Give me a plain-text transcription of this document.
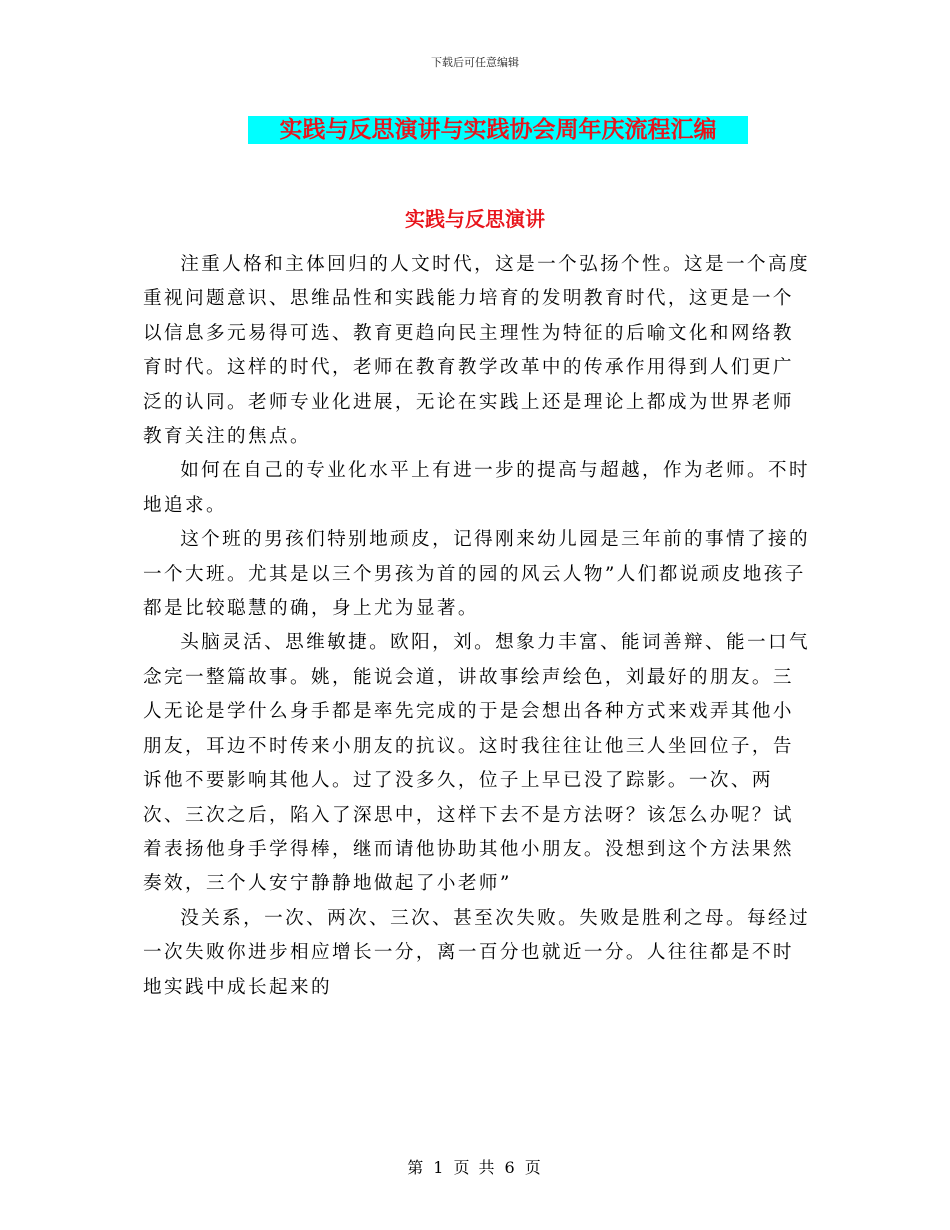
下载后可任意编辑
实践与反思演讲与实践协会周年庆流程汇编
实践与反思演讲

注重人格和主体回归的人文时代，这是一个弘扬个性。这是一个高度重视问题意识、思维品性和实践能力培育的发明教育时代，这更是一个以信息多元易得可选、教育更趋向民主理性为特征的后喻文化和网络教育时代。这样的时代，老师在教育教学改革中的传承作用得到人们更广泛的认同。老师专业化进展，无论在实践上还是理论上都成为世界老师教育关注的焦点。

如何在自己的专业化水平上有进一步的提高与超越，作为老师。不时地追求。

这个班的男孩们特别地顽皮，记得刚来幼儿园是三年前的事情了接的一个大班。尤其是以三个男孩为首的园的风云人物”人们都说顽皮地孩子都是比较聪慧的确，身上尤为显著。

头脑灵活、思维敏捷。欧阳，刘。想象力丰富、能词善辩、能一口气念完一整篇故事。姚，能说会道，讲故事绘声绘色，刘最好的朋友。三人无论是学什么身手都是率先完成的于是会想出各种方式来戏弄其他小朋友，耳边不时传来小朋友的抗议。这时我往往让他三人坐回位子，告诉他不要影响其他人。过了没多久，位子上早已没了踪影。一次、两次、三次之后，陷入了深思中，这样下去不是方法呀？该怎么办呢？试着表扬他身手学得棒，继而请他协助其他小朋友。没想到这个方法果然奏效，三个人安宁静静地做起了小老师”

没关系，一次、两次、三次、甚至次失败。失败是胜利之母。每经过一次失败你进步相应增长一分，离一百分也就近一分。人往往都是不时地实践中成长起来的

第 1 页 共 6 页
